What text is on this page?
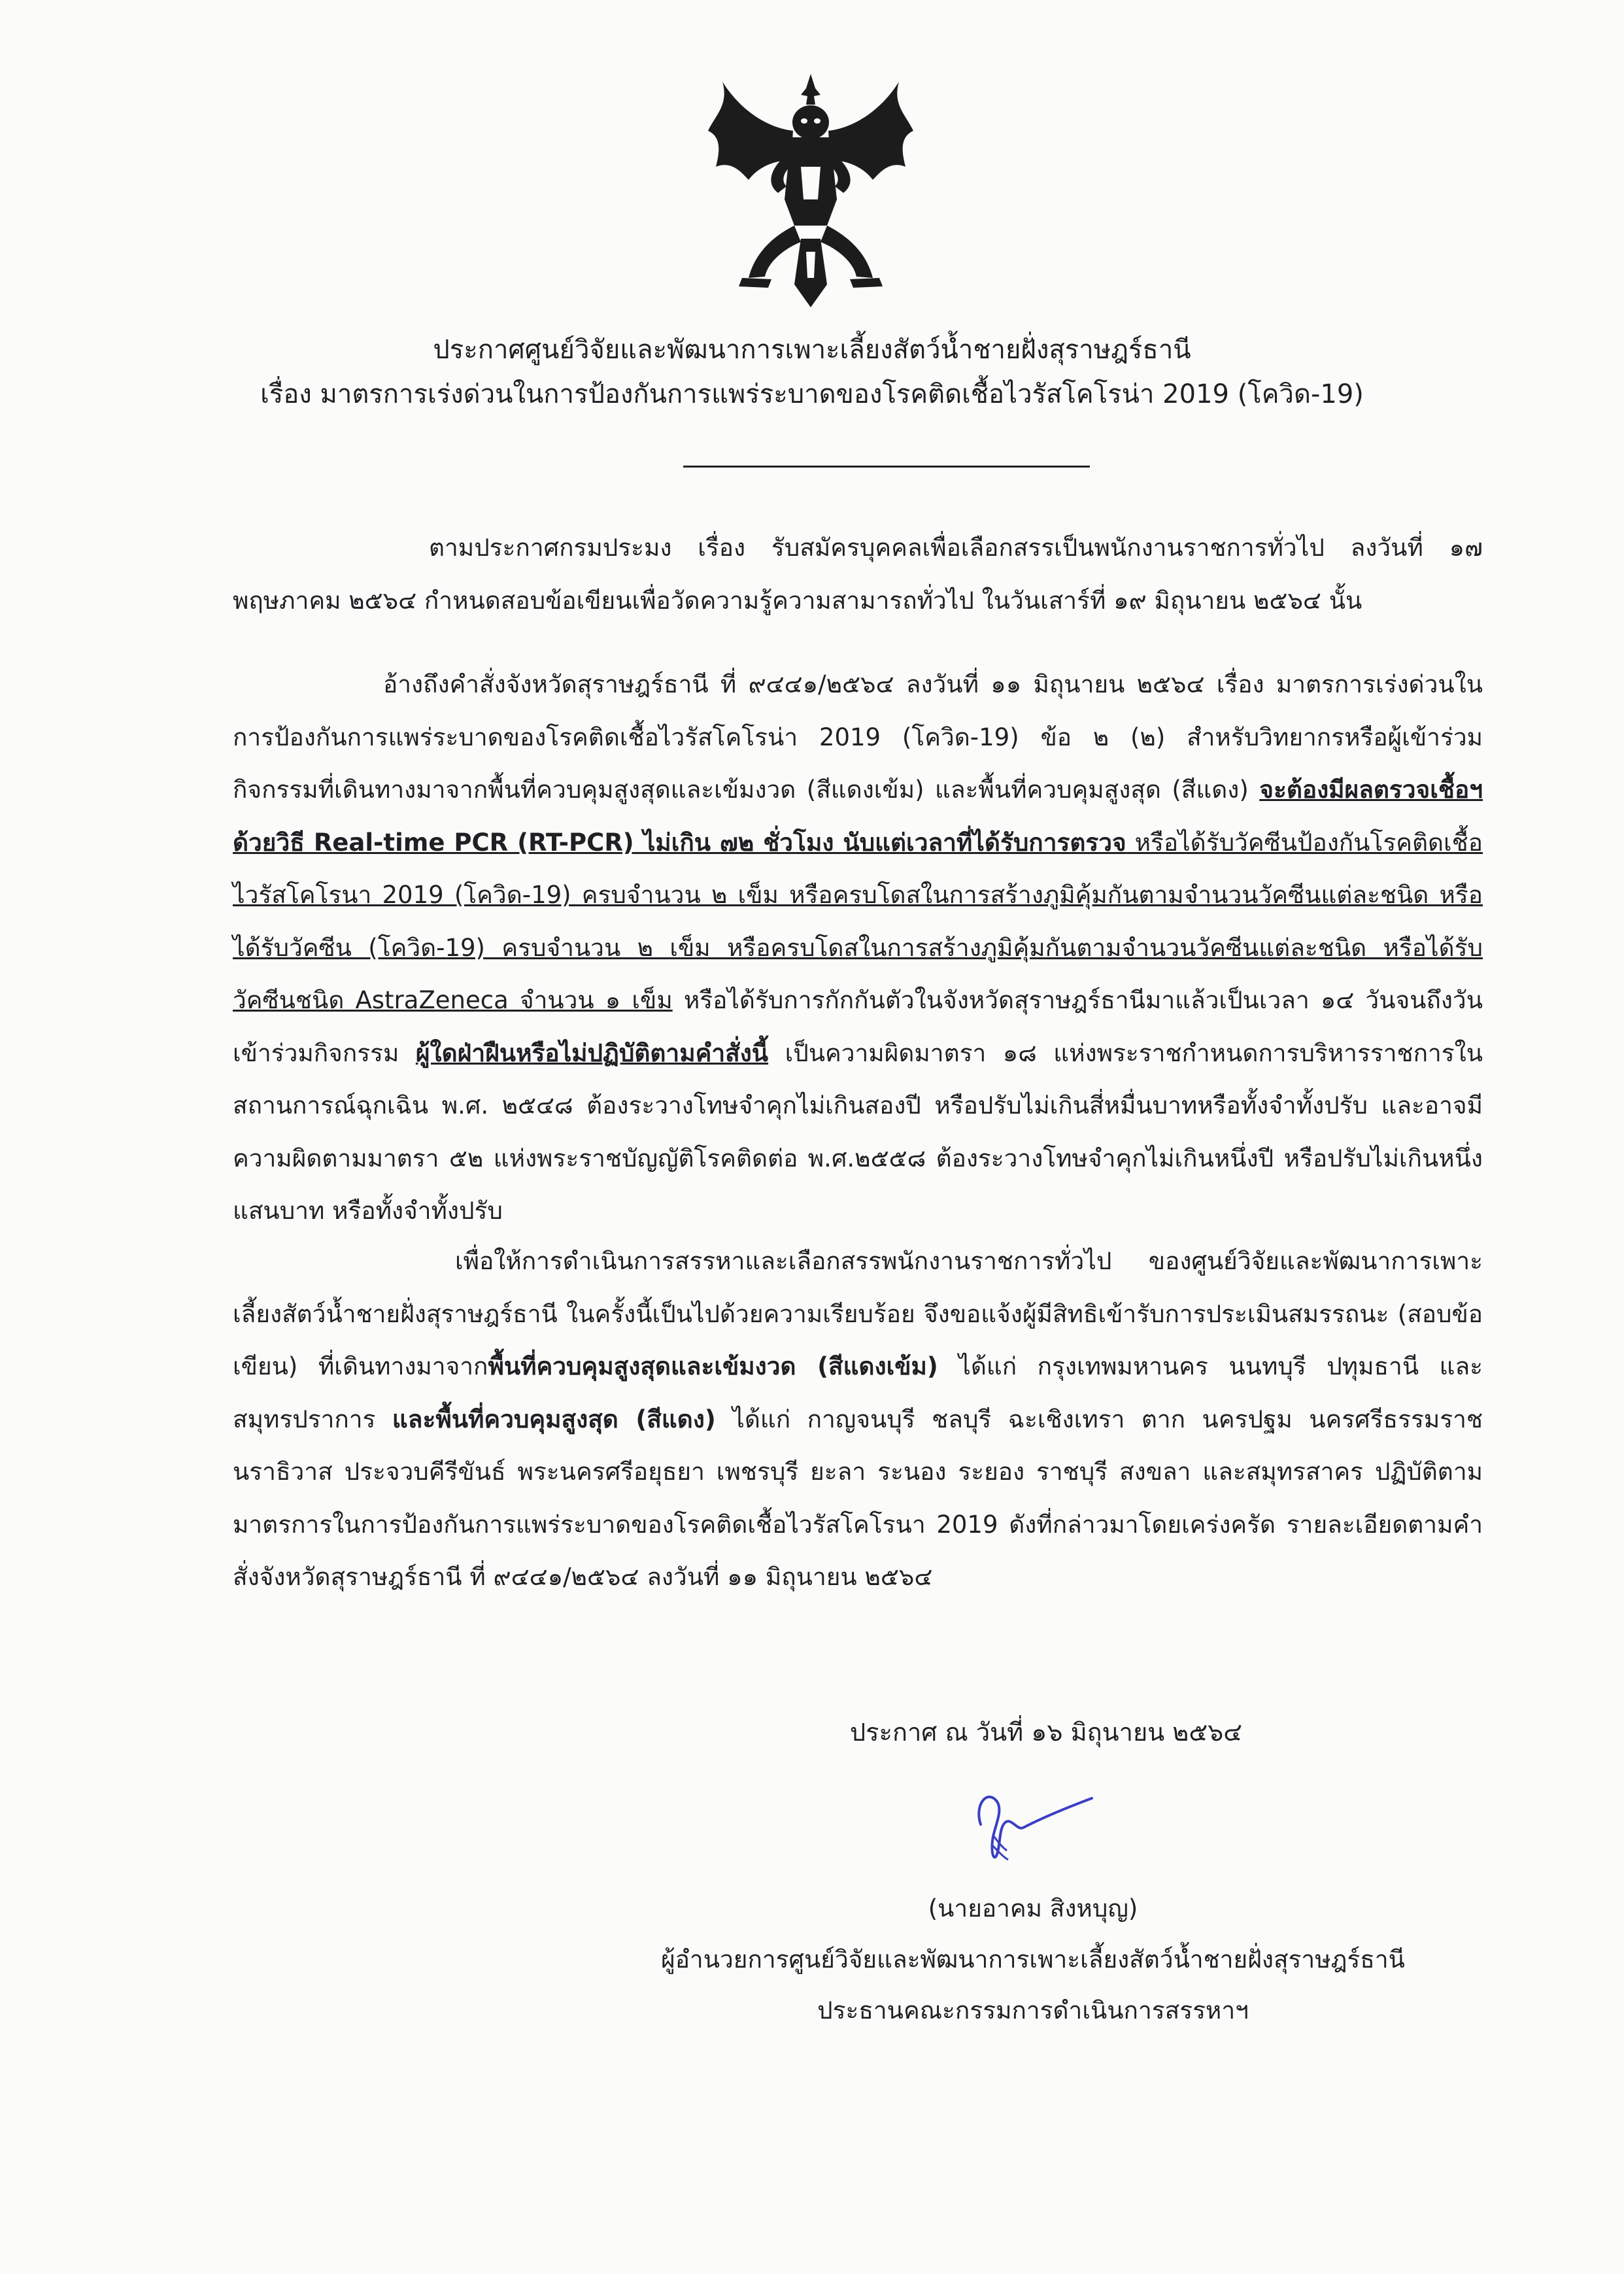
ประกาศศูนย์วิจัยและพัฒนาการเพาะเลี้ยงสัตว์น้ำชายฝั่งสุราษฎร์ธานี
เรื่อง มาตรการเร่งด่วนในการป้องกันการแพร่ระบาดของโรคติดเชื้อไวรัสโคโรน่า 2019 (โควิด-19)
ตามประกาศกรมประมง เรื่อง รับสมัครบุคคลเพื่อเลือกสรรเป็นพนักงานราชการทั่วไป ลงวันที่ ๑๗ พฤษภาคม ๒๕๖๔ กำหนดสอบข้อเขียนเพื่อวัดความรู้ความสามารถทั่วไป ในวันเสาร์ที่ ๑๙ มิถุนายน ๒๕๖๔ นั้น
อ้างถึงคำสั่งจังหวัดสุราษฎร์ธานี ที่ ๙๔๔๑/๒๕๖๔ ลงวันที่ ๑๑ มิถุนายน ๒๕๖๔ เรื่อง มาตรการเร่งด่วนในการป้องกันการแพร่ระบาดของโรคติดเชื้อไวรัสโคโรน่า 2019 (โควิด-19) ข้อ ๒ (๒) สำหรับวิทยากรหรือผู้เข้าร่วมกิจกรรมที่เดินทางมาจากพื้นที่ควบคุมสูงสุดและเข้มงวด (สีแดงเข้ม) และพื้นที่ควบคุมสูงสุด (สีแดง) จะต้องมีผลตรวจเชื้อฯ ด้วยวิธี Real-time PCR (RT-PCR) ไม่เกิน ๗๒ ชั่วโมง นับแต่เวลาที่ได้รับการตรวจ หรือได้รับวัคซีนป้องกันโรคติดเชื้อไวรัสโคโรนา 2019 (โควิด-19) ครบจำนวน ๒ เข็ม หรือครบโดสในการสร้างภูมิคุ้มกันตามจำนวนวัคซีนแต่ละชนิด หรือได้รับวัคซีน (โควิด-19) ครบจำนวน ๒ เข็ม หรือครบโดสในการสร้างภูมิคุ้มกันตามจำนวนวัคซีนแต่ละชนิด หรือได้รับวัคซีนชนิด AstraZeneca จำนวน ๑ เข็ม หรือได้รับการกักกันตัวในจังหวัดสุราษฎร์ธานีมาแล้วเป็นเวลา ๑๔ วันจนถึงวันเข้าร่วมกิจกรรม ผู้ใดฝ่าฝืนหรือไม่ปฏิบัติตามคำสั่งนี้ เป็นความผิดมาตรา ๑๘ แห่งพระราชกำหนดการบริหารราชการในสถานการณ์ฉุกเฉิน พ.ศ. ๒๕๔๘ ต้องระวางโทษจำคุกไม่เกินสองปี หรือปรับไม่เกินสี่หมื่นบาทหรือทั้งจำทั้งปรับ และอาจมีความผิดตามมาตรา ๕๒ แห่งพระราชบัญญัติโรคติดต่อ พ.ศ.๒๕๕๘ ต้องระวางโทษจำคุกไม่เกินหนึ่งปี หรือปรับไม่เกินหนึ่งแสนบาท หรือทั้งจำทั้งปรับ
เพื่อให้การดำเนินการสรรหาและเลือกสรรพนักงานราชการทั่วไป ของศูนย์วิจัยและพัฒนาการเพาะเลี้ยงสัตว์น้ำชายฝั่งสุราษฎร์ธานี ในครั้งนี้เป็นไปด้วยความเรียบร้อย จึงขอแจ้งผู้มีสิทธิเข้ารับการประเมินสมรรถนะ (สอบข้อเขียน) ที่เดินทางมาจากพื้นที่ควบคุมสูงสุดและเข้มงวด (สีแดงเข้ม) ได้แก่ กรุงเทพมหานคร นนทบุรี ปทุมธานี และสมุทรปราการ และพื้นที่ควบคุมสูงสุด (สีแดง) ได้แก่ กาญจนบุรี ชลบุรี ฉะเชิงเทรา ตาก นครปฐม นครศรีธรรมราช นราธิวาส ประจวบคีรีขันธ์ พระนครศรีอยุธยา เพชรบุรี ยะลา ระนอง ระยอง ราชบุรี สงขลา และสมุทรสาคร ปฏิบัติตามมาตรการในการป้องกันการแพร่ระบาดของโรคติดเชื้อไวรัสโคโรนา 2019 ดังที่กล่าวมาโดยเคร่งครัด รายละเอียดตามคำสั่งจังหวัดสุราษฎร์ธานี ที่ ๙๔๔๑/๒๕๖๔ ลงวันที่ ๑๑ มิถุนายน ๒๕๖๔
ประกาศ ณ วันที่ ๑๖ มิถุนายน ๒๕๖๔
(นายอาคม สิงหบุญ)
ผู้อำนวยการศูนย์วิจัยและพัฒนาการเพาะเลี้ยงสัตว์น้ำชายฝั่งสุราษฎร์ธานี
ประธานคณะกรรมการดำเนินการสรรหาฯ
